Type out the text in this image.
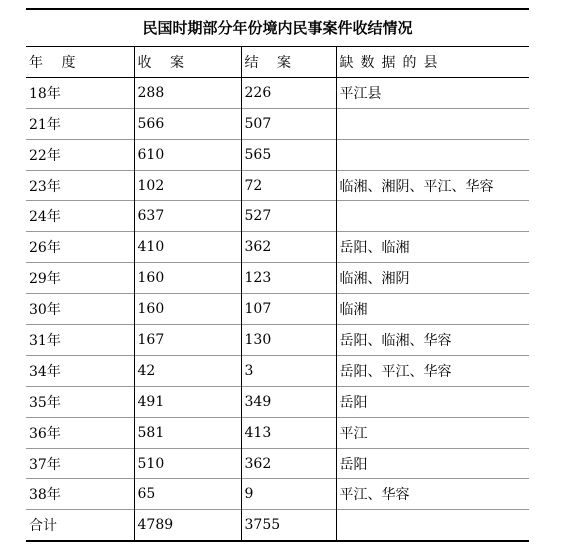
民国时期部分年份境内民事案件收结情况
年 度	收 案	结 案	缺数据的县
18年	288	226	平江县
21年	566	507	
22年	610	565	
23年	102	72	临湘、湘阴、平江、华容
24年	637	527	
26年	410	362	岳阳、临湘
29年	160	123	临湘、湘阴
30年	160	107	临湘
31年	167	130	岳阳、临湘、华容
34年	42	3	岳阳、平江、华容
35年	491	349	岳阳
36年	581	413	平江
37年	510	362	岳阳
38年	65	9	平江、华容
合计	4789	3755	
